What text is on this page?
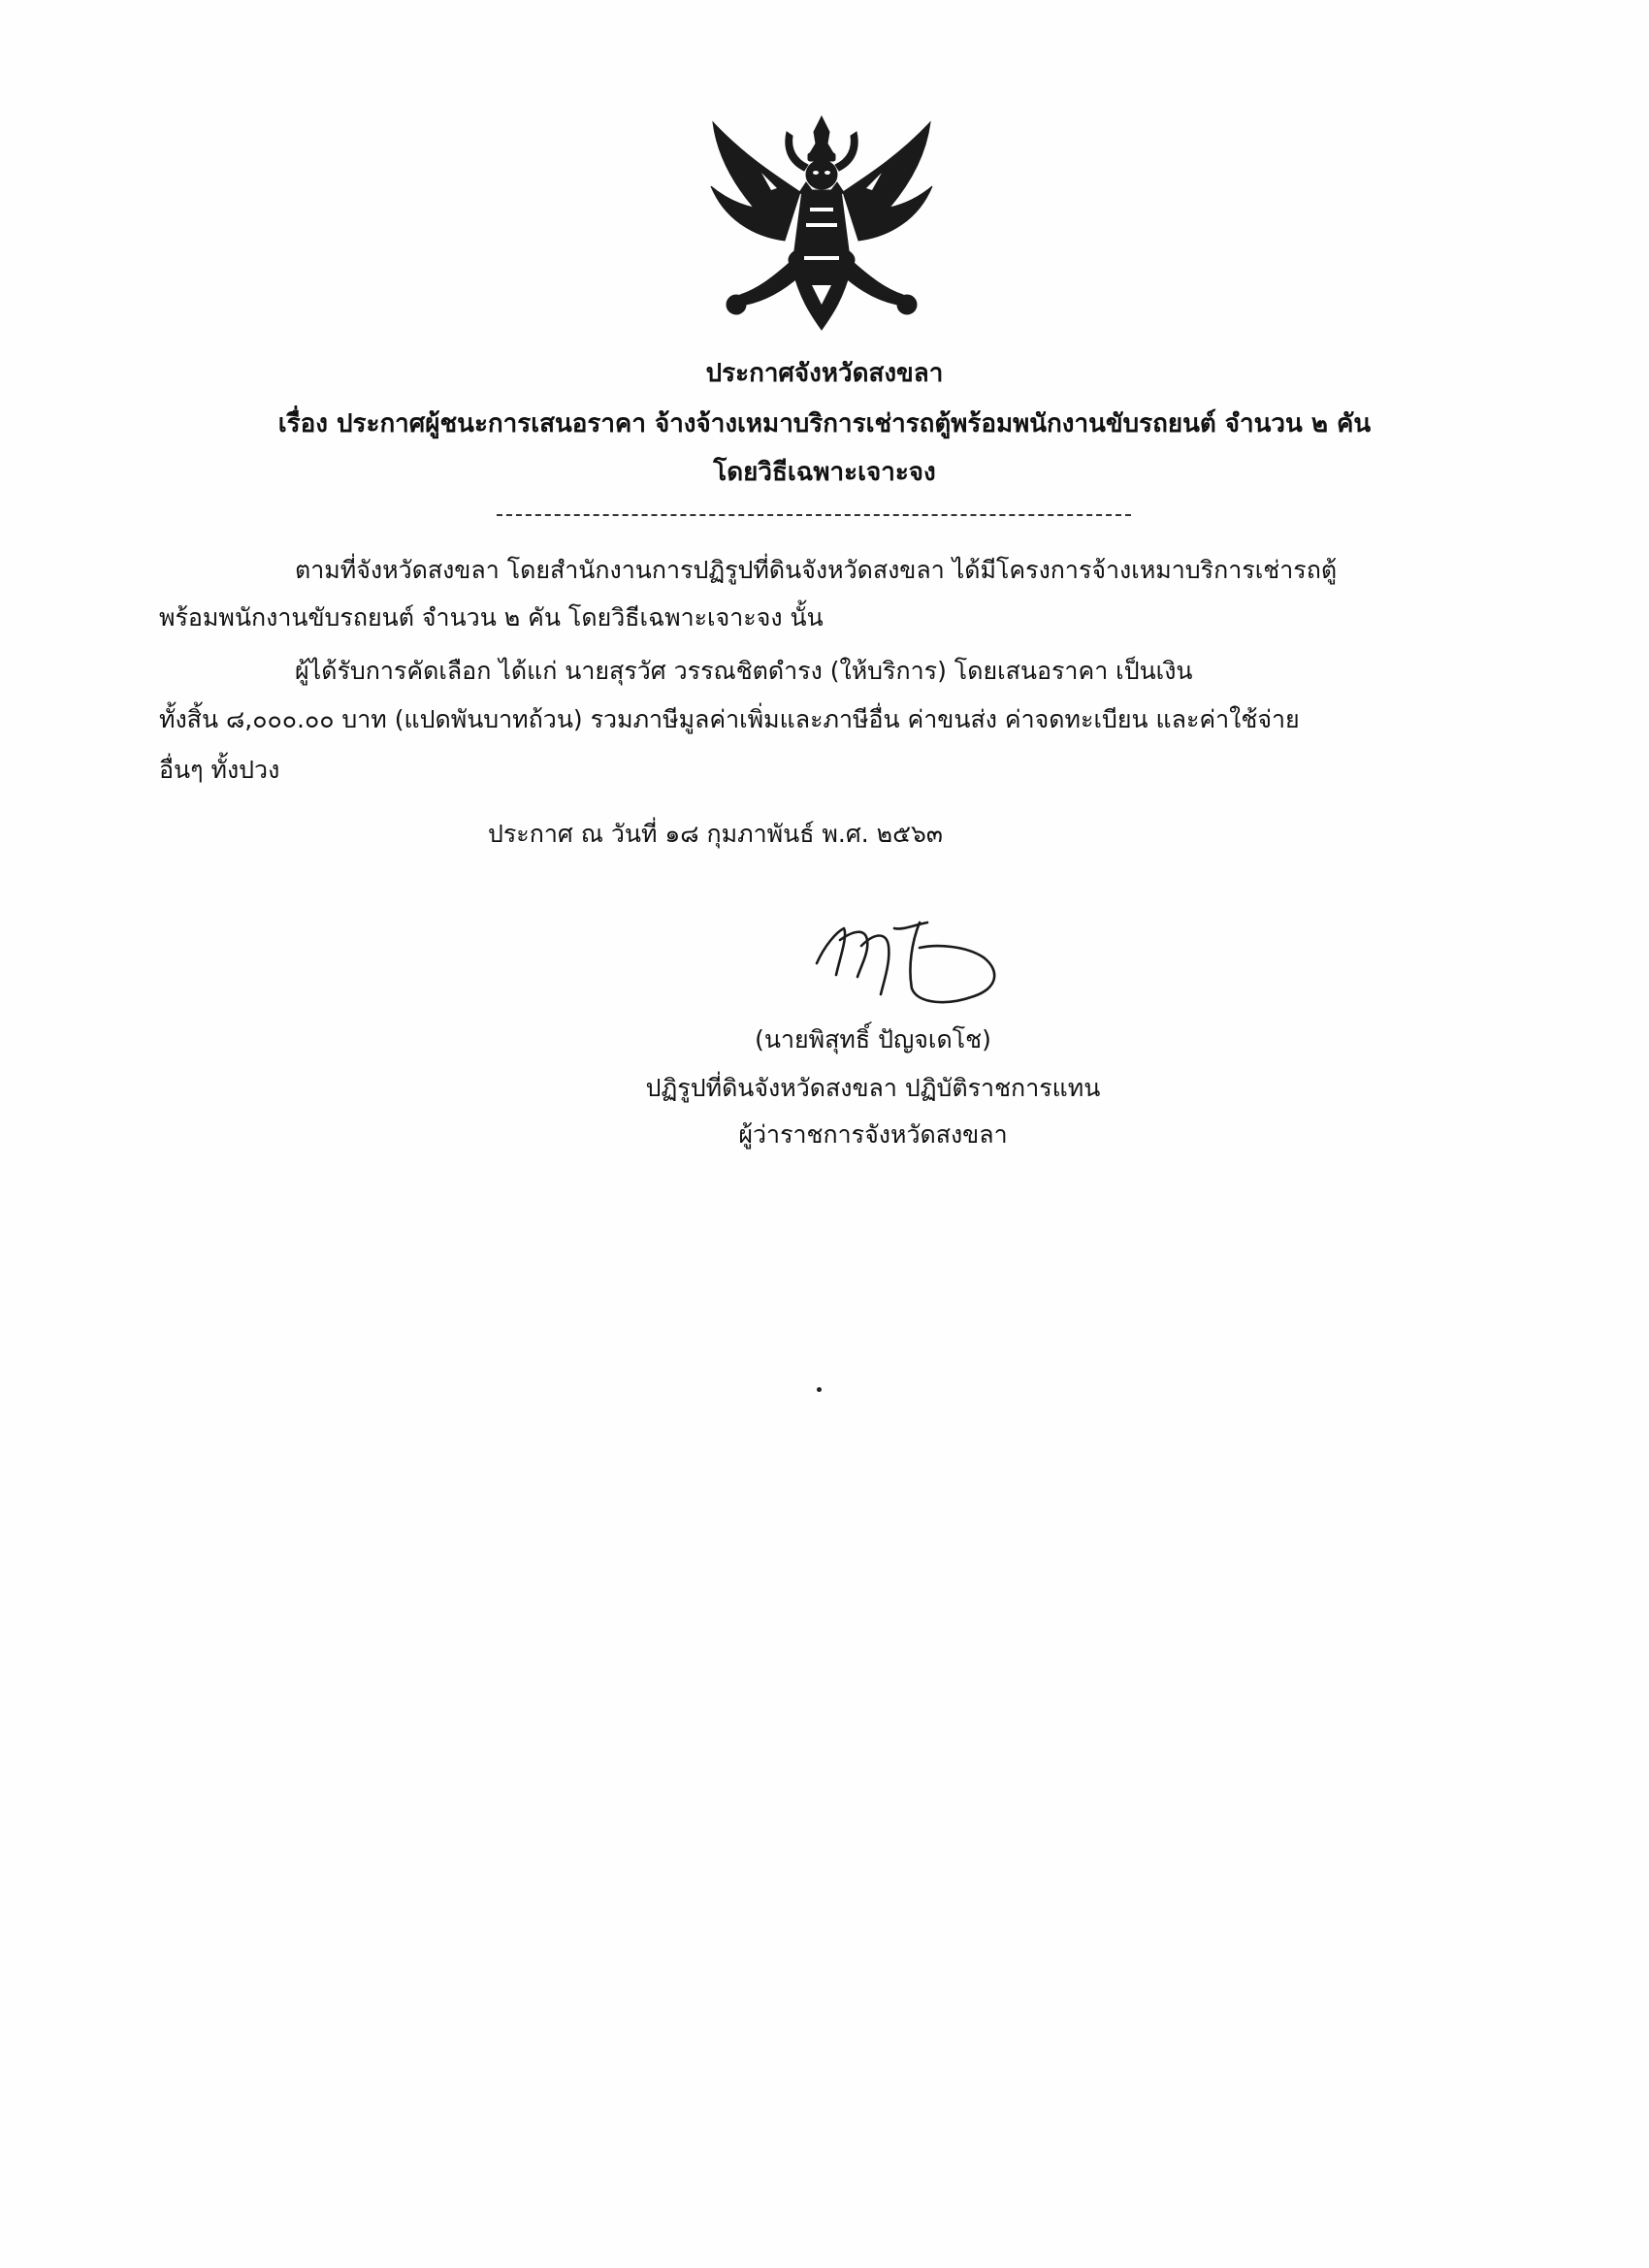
ประกาศจังหวัดสงขลา
เรื่อง ประกาศผู้ชนะการเสนอราคา จ้างจ้างเหมาบริการเช่ารถตู้พร้อมพนักงานขับรถยนต์ จำนวน ๒ คัน
โดยวิธีเฉพาะเจาะจง
ตามที่จังหวัดสงขลา โดยสำนักงานการปฏิรูปที่ดินจังหวัดสงขลา ได้มีโครงการจ้างเหมาบริการเช่ารถตู้
พร้อมพนักงานขับรถยนต์ จำนวน ๒ คัน โดยวิธีเฉพาะเจาะจง นั้น
ผู้ได้รับการคัดเลือก ได้แก่ นายสุรวัศ วรรณชิตดำรง (ให้บริการ) โดยเสนอราคา เป็นเงิน
ทั้งสิ้น ๘,๐๐๐.๐๐ บาท (แปดพันบาทถ้วน) รวมภาษีมูลค่าเพิ่มและภาษีอื่น ค่าขนส่ง ค่าจดทะเบียน และค่าใช้จ่าย
อื่นๆ ทั้งปวง
ประกาศ ณ วันที่ ๑๘ กุมภาพันธ์ พ.ศ. ๒๕๖๓
(นายพิสุทธิ์ ปัญจเดโช)
ปฏิรูปที่ดินจังหวัดสงขลา ปฏิบัติราชการแทน
ผู้ว่าราชการจังหวัดสงขลา
